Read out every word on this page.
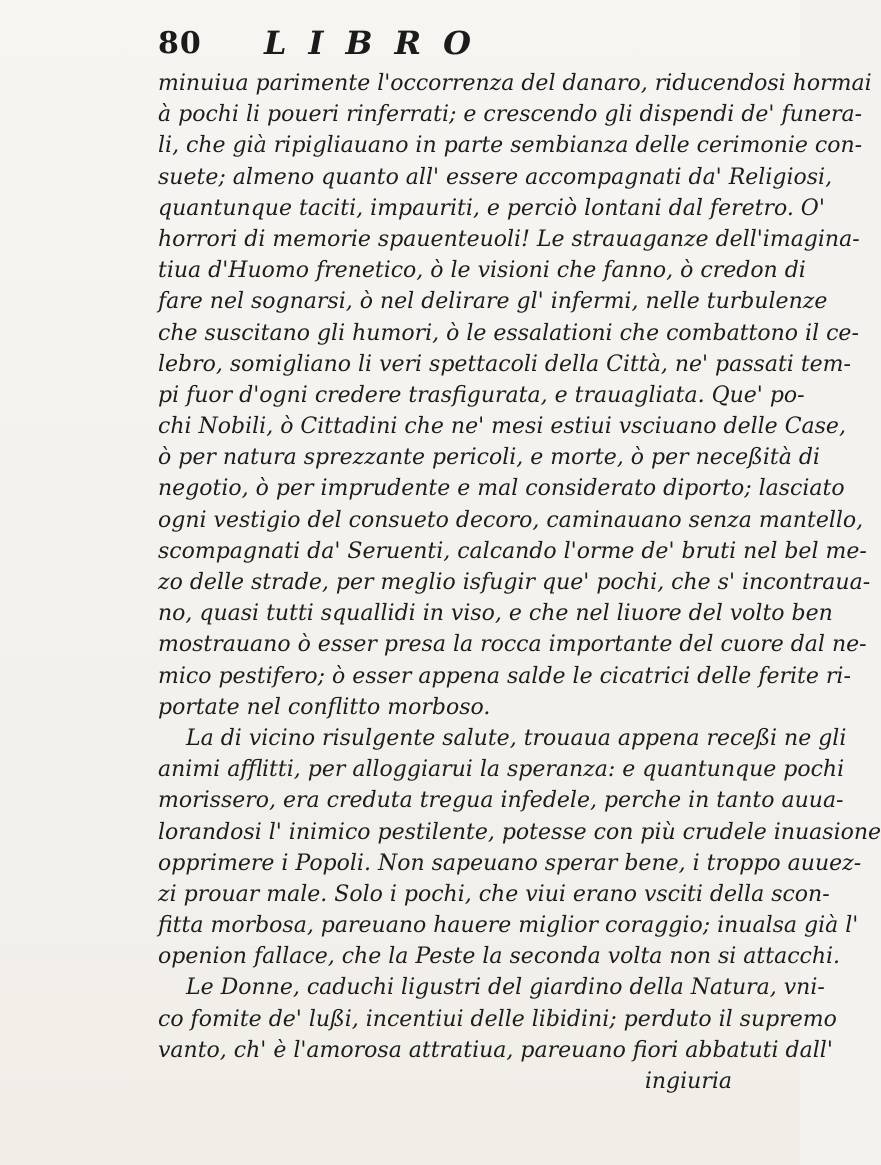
80 LIBRO
minuiua parimente l'occorrenza del danaro, riducendosi hormai
à pochi li poueri rinferrati; e crescendo gli dispendi de' funera-
li, che già ripigliauano in parte sembianza delle cerimonie con-
suete; almeno quanto all' essere accompagnati da' Religiosi,
quantunque taciti, impauriti, e perciò lontani dal feretro. O'
horrori di memorie spauenteuoli! Le strauaganze dell'imagina-
tiua d'Huomo frenetico, ò le visioni che fanno, ò credon di
fare nel sognarsi, ò nel delirare gl' infermi, nelle turbulenze
che suscitano gli humori, ò le essalationi che combattono il ce-
lebro, somigliano li veri spettacoli della Città, ne' passati tem-
pi fuor d'ogni credere trasfigurata, e trauagliata. Que' po-
chi Nobili, ò Cittadini che ne' mesi estiui vsciuano delle Case,
ò per natura sprezzante pericoli, e morte, ò per neceßità di
negotio, ò per imprudente e mal considerato diporto; lasciato
ogni vestigio del consueto decoro, caminauano senza mantello,
scompagnati da' Seruenti, calcando l'orme de' bruti nel bel me-
zo delle strade, per meglio isfugir que' pochi, che s' incontraua-
no, quasi tutti squallidi in viso, e che nel liuore del volto ben
mostrauano ò esser presa la rocca importante del cuore dal ne-
mico pestifero; ò esser appena salde le cicatrici delle ferite ri-
portate nel conflitto morboso.
La di vicino risulgente salute, trouaua appena receßi ne gli
animi afflitti, per alloggiarui la speranza: e quantunque pochi
morissero, era creduta tregua infedele, perche in tanto auua-
lorandosi l' inimico pestilente, potesse con più crudele inuasione
opprimere i Popoli. Non sapeuano sperar bene, i troppo auuez-
zi prouar male. Solo i pochi, che viui erano vsciti della scon-
fitta morbosa, pareuano hauere miglior coraggio; inualsa già l'
openion fallace, che la Peste la seconda volta non si attacchi.
Le Donne, caduchi ligustri del giardino della Natura, vni-
co fomite de' lußi, incentiui delle libidini; perduto il supremo
vanto, ch' è l'amorosa attratiua, pareuano fiori abbatuti dall'
ingiuria
